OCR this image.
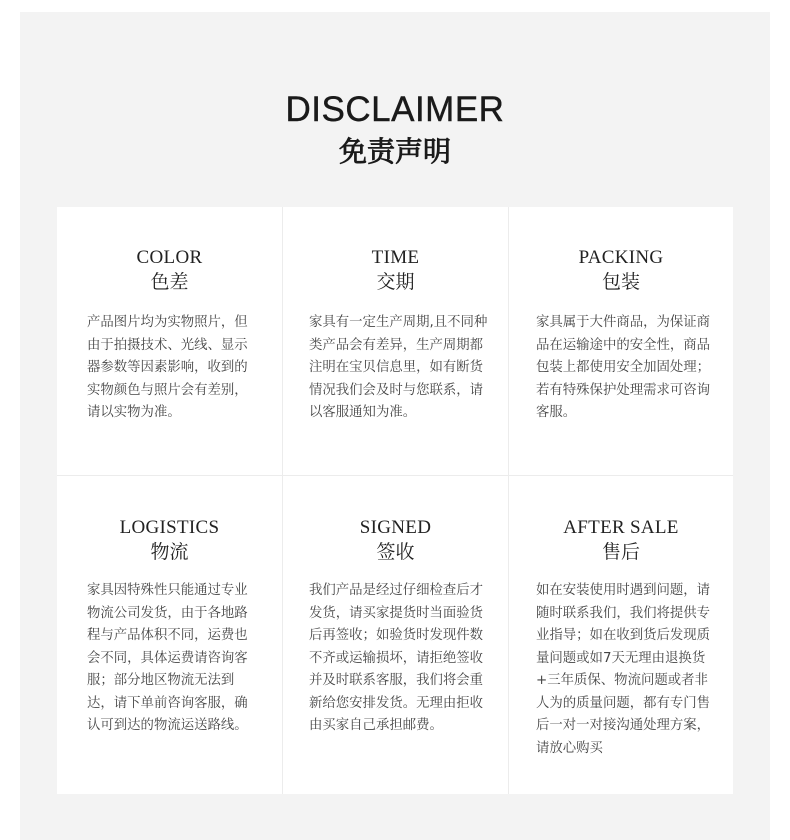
DISCLAIMER
免责声明
COLOR
色差
产品图片均为实物照片，但由于拍摄技术、光线、显示器参数等因素影响，收到的实物颜色与照片会有差别，请以实物为准。
TIME
交期
家具有一定生产周期,且不同种类产品会有差异，生产周期都注明在宝贝信息里，如有断货情况我们会及时与您联系，请以客服通知为准。
PACKING
包装
家具属于大件商品，为保证商品在运输途中的安全性，商品包装上都使用安全加固处理；若有特殊保护处理需求可咨询客服。
LOGISTICS
物流
家具因特殊性只能通过专业物流公司发货，由于各地路程与产品体积不同，运费也会不同，具体运费请咨询客服；部分地区物流无法到达，请下单前咨询客服，确认可到达的物流运送路线。
SIGNED
签收
我们产品是经过仔细检查后才发货，请买家提货时当面验货后再签收；如验货时发现件数不齐或运输损坏，请拒绝签收并及时联系客服，我们将会重新给您安排发货。无理由拒收由买家自己承担邮费。
AFTER SALE
售后
如在安装使用时遇到问题，请随时联系我们，我们将提供专业指导；如在收到货后发现质量问题或如7天无理由退换货+三年质保、物流问题或者非人为的质量问题，都有专门售后一对一对接沟通处理方案，请放心购买
